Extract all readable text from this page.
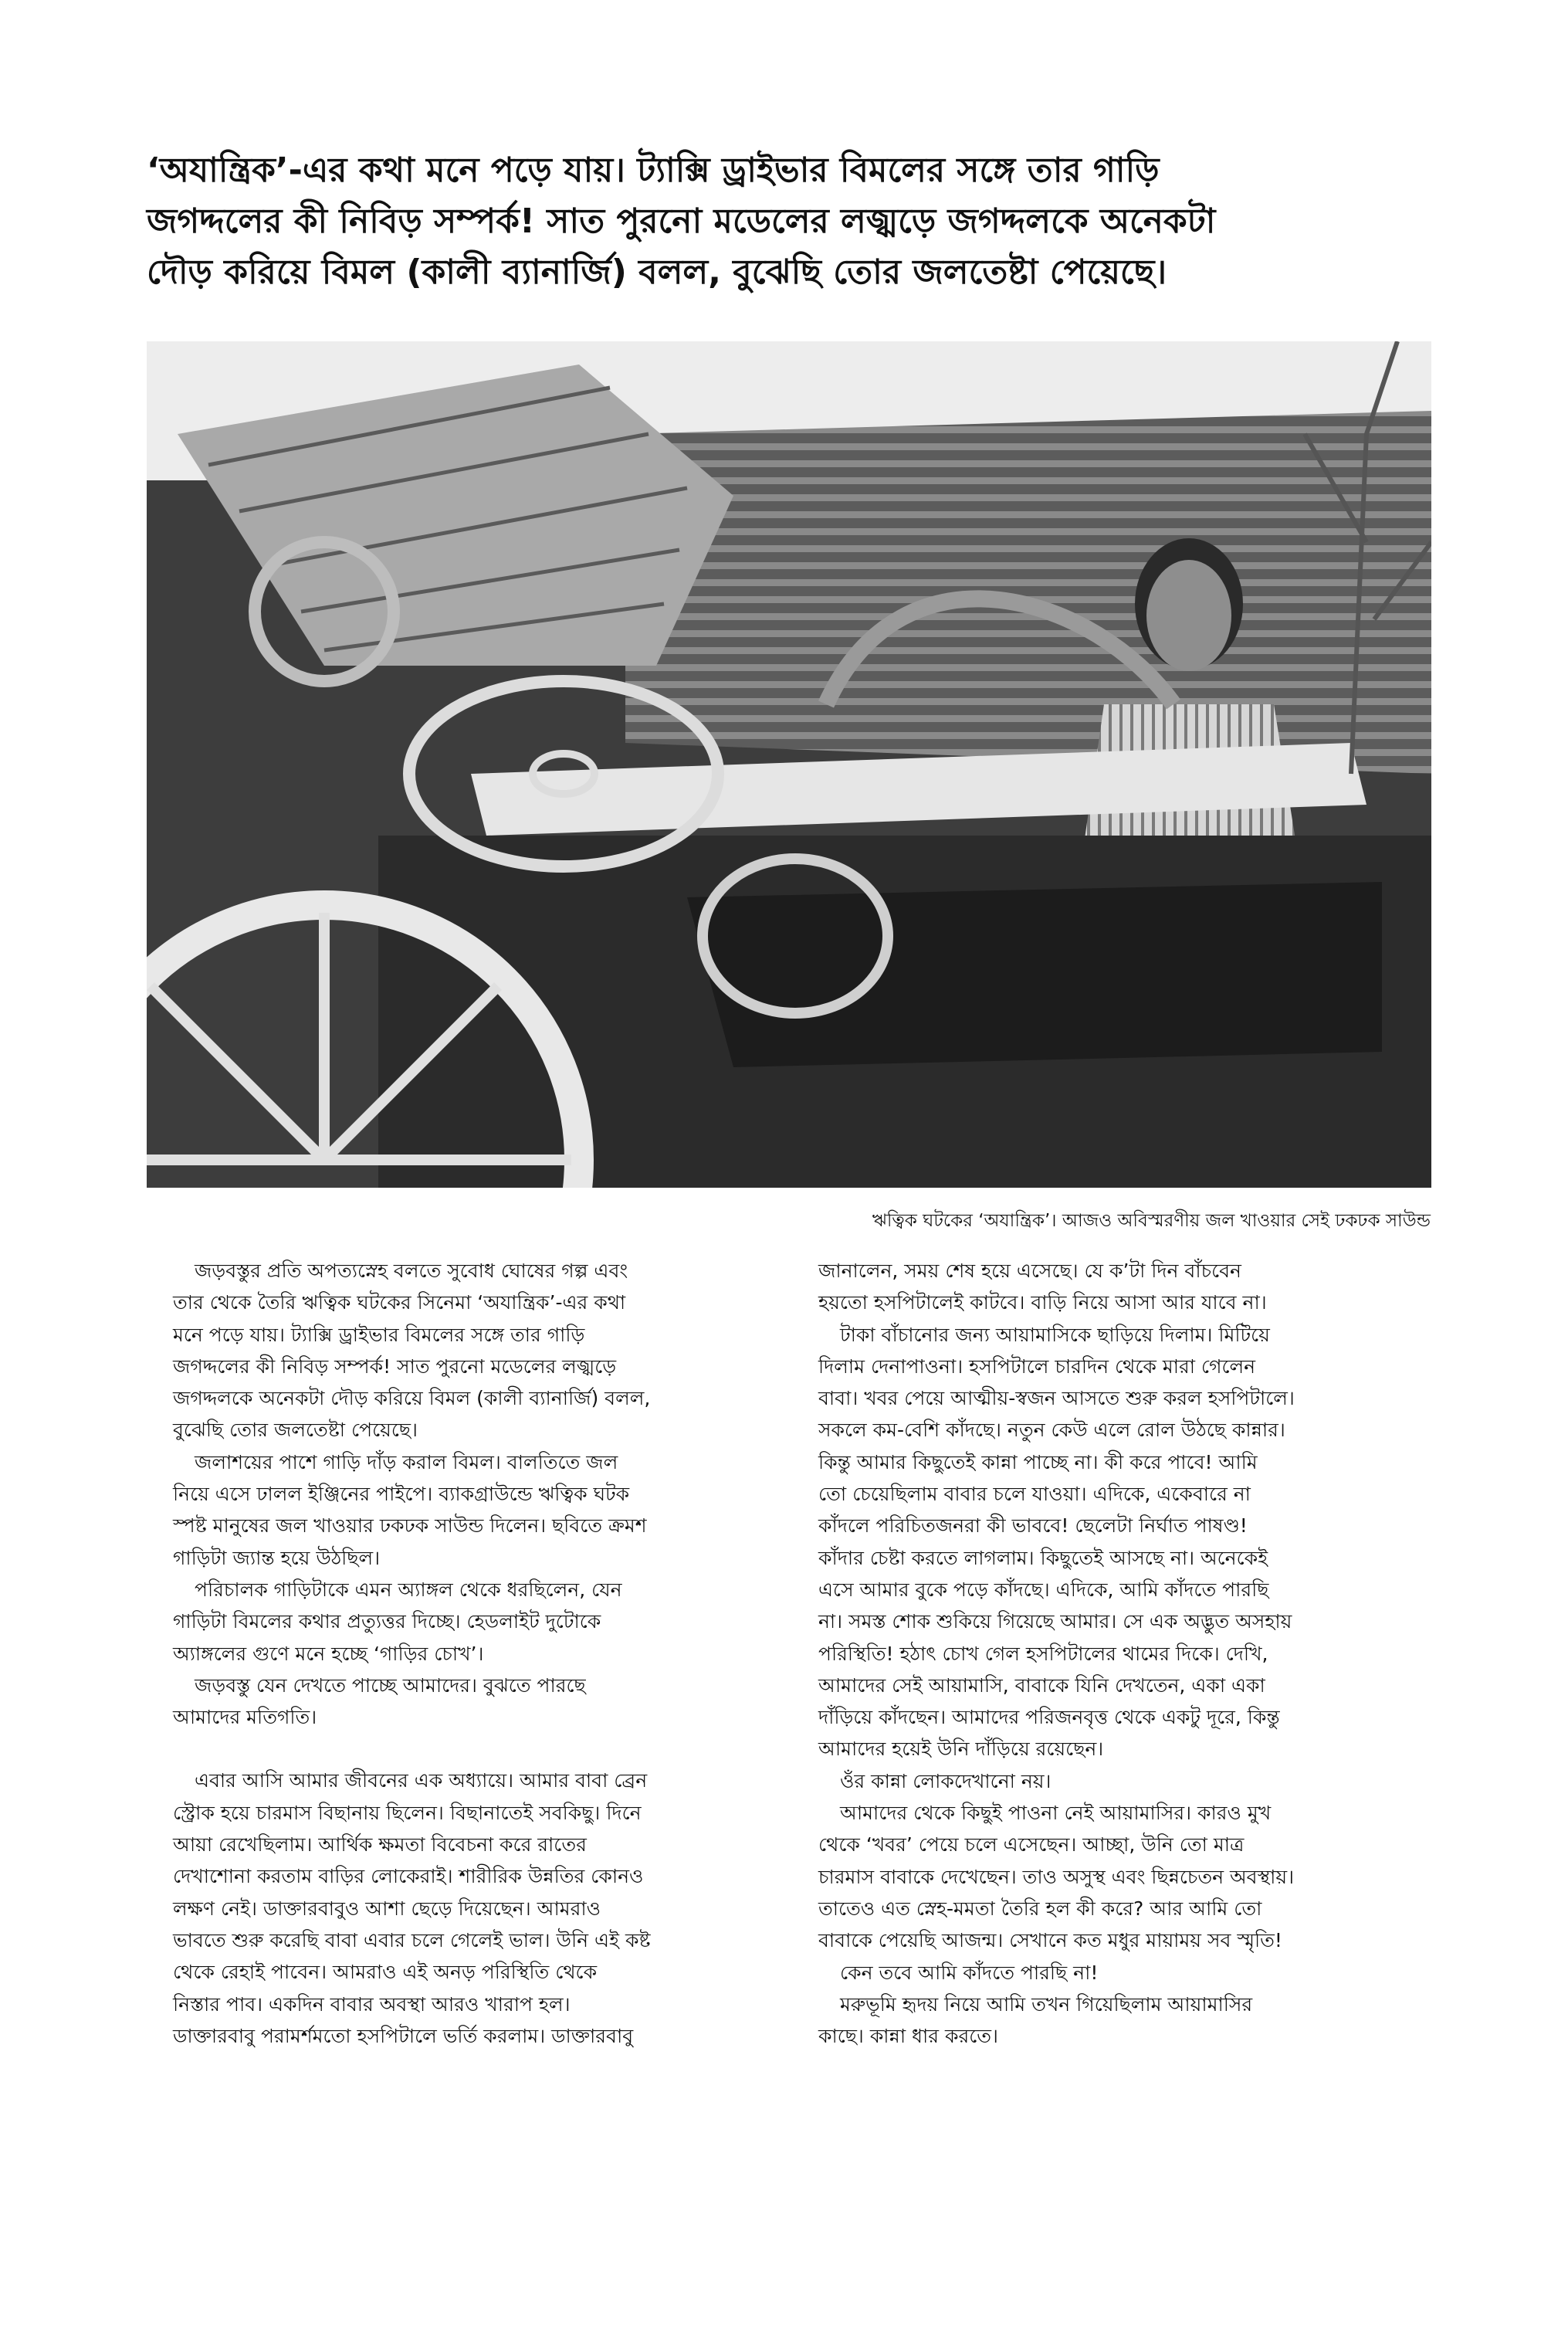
‘অযান্ত্রিক’-এর কথা মনে পড়ে যায়। ট্যাক্সি ড্রাইভার বিমলের সঙ্গে তার গাড়ি
জগদ্দলের কী নিবিড় সম্পর্ক! সাত পুরনো মডেলের লজ্ঝড়ে জগদ্দলকে অনেকটা
দৌড় করিয়ে বিমল (কালী ব্যানার্জি) বলল, বুঝেছি তোর জলতেষ্টা পেয়েছে।
ঋত্বিক ঘটকের ‘অযান্ত্রিক’। আজও অবিস্মরণীয় জল খাওয়ার সেই ঢকঢক সাউন্ড

জড়বস্তুর প্রতি অপত্যস্নেহ বলতে সুবোধ ঘোষের গল্প এবং

তার থেকে তৈরি ঋত্বিক ঘটকের সিনেমা ‘অযান্ত্রিক’-এর কথা

মনে পড়ে যায়। ট্যাক্সি ড্রাইভার বিমলের সঙ্গে তার গাড়ি

জগদ্দলের কী নিবিড় সম্পর্ক! সাত পুরনো মডেলের লজ্ঝড়ে

জগদ্দলকে অনেকটা দৌড় করিয়ে বিমল (কালী ব্যানার্জি) বলল,

বুঝেছি তোর জলতেষ্টা পেয়েছে।

জলাশয়ের পাশে গাড়ি দাঁড় করাল বিমল। বালতিতে জল

নিয়ে এসে ঢালল ইঞ্জিনের পাইপে। ব্যাকগ্রাউন্ডে ঋত্বিক ঘটক

স্পষ্ট মানুষের জল খাওয়ার ঢকঢক সাউন্ড দিলেন। ছবিতে ক্রমশ

গাড়িটা জ্যান্ত হয়ে উঠছিল।

পরিচালক গাড়িটাকে এমন অ্যাঙ্গল থেকে ধরছিলেন, যেন

গাড়িটা বিমলের কথার প্রত্যুত্তর দিচ্ছে। হেডলাইট দুটোকে

অ্যাঙ্গলের গুণে মনে হচ্ছে ‘গাড়ির চোখ’।

জড়বস্তু যেন দেখতে পাচ্ছে আমাদের। বুঝতে পারছে

আমাদের মতিগতি।

এবার আসি আমার জীবনের এক অধ্যায়ে। আমার বাবা ব্রেন

স্ট্রোক হয়ে চারমাস বিছানায় ছিলেন। বিছানাতেই সবকিছু। দিনে

আয়া রেখেছিলাম। আর্থিক ক্ষমতা বিবেচনা করে রাতের

দেখাশোনা করতাম বাড়ির লোকেরাই। শারীরিক উন্নতির কোনও

লক্ষণ নেই। ডাক্তারবাবুও আশা ছেড়ে দিয়েছেন। আমরাও

ভাবতে শুরু করেছি বাবা এবার চলে গেলেই ভাল। উনি এই কষ্ট

থেকে রেহাই পাবেন। আমরাও এই অনড় পরিস্থিতি থেকে

নিস্তার পাব। একদিন বাবার অবস্থা আরও খারাপ হল।

ডাক্তারবাবু পরামর্শমতো হসপিটালে ভর্তি করলাম। ডাক্তারবাবু

জানালেন, সময় শেষ হয়ে এসেছে। যে ক’টা দিন বাঁচবেন

হয়তো হসপিটালেই কাটবে। বাড়ি নিয়ে আসা আর যাবে না।

টাকা বাঁচানোর জন্য আয়ামাসিকে ছাড়িয়ে দিলাম। মিটিয়ে

দিলাম দেনাপাওনা। হসপিটালে চারদিন থেকে মারা গেলেন

বাবা। খবর পেয়ে আত্মীয়-স্বজন আসতে শুরু করল হসপিটালে।

সকলে কম-বেশি কাঁদছে। নতুন কেউ এলে রোল উঠছে কান্নার।

কিন্তু আমার কিছুতেই কান্না পাচ্ছে না। কী করে পাবে! আমি

তো চেয়েছিলাম বাবার চলে যাওয়া। এদিকে, একেবারে না

কাঁদলে পরিচিতজনরা কী ভাববে! ছেলেটা নির্ঘাত পাষণ্ড!

কাঁদার চেষ্টা করতে লাগলাম। কিছুতেই আসছে না। অনেকেই

এসে আমার বুকে পড়ে কাঁদছে। এদিকে, আমি কাঁদতে পারছি

না। সমস্ত শোক শুকিয়ে গিয়েছে আমার। সে এক অদ্ভুত অসহায়

পরিস্থিতি! হঠাৎ চোখ গেল হসপিটালের থামের দিকে। দেখি,

আমাদের সেই আয়ামাসি, বাবাকে যিনি দেখতেন, একা একা

দাঁড়িয়ে কাঁদছেন। আমাদের পরিজনবৃত্ত থেকে একটু দূরে, কিন্তু

আমাদের হয়েই উনি দাঁড়িয়ে রয়েছেন।

ওঁর কান্না লোকদেখানো নয়।

আমাদের থেকে কিছুই পাওনা নেই আয়ামাসির। কারও মুখ

থেকে ‘খবর’ পেয়ে চলে এসেছেন। আচ্ছা, উনি তো মাত্র

চারমাস বাবাকে দেখেছেন। তাও অসুস্থ এবং ছিন্নচেতন অবস্থায়।

তাতেও এত স্নেহ-মমতা তৈরি হল কী করে? আর আমি তো

বাবাকে পেয়েছি আজন্ম। সেখানে কত মধুর মায়াময় সব স্মৃতি!

কেন তবে আমি কাঁদতে পারছি না!

মরুভূমি হৃদয় নিয়ে আমি তখন গিয়েছিলাম আয়ামাসির

কাছে। কান্না ধার করতে।
